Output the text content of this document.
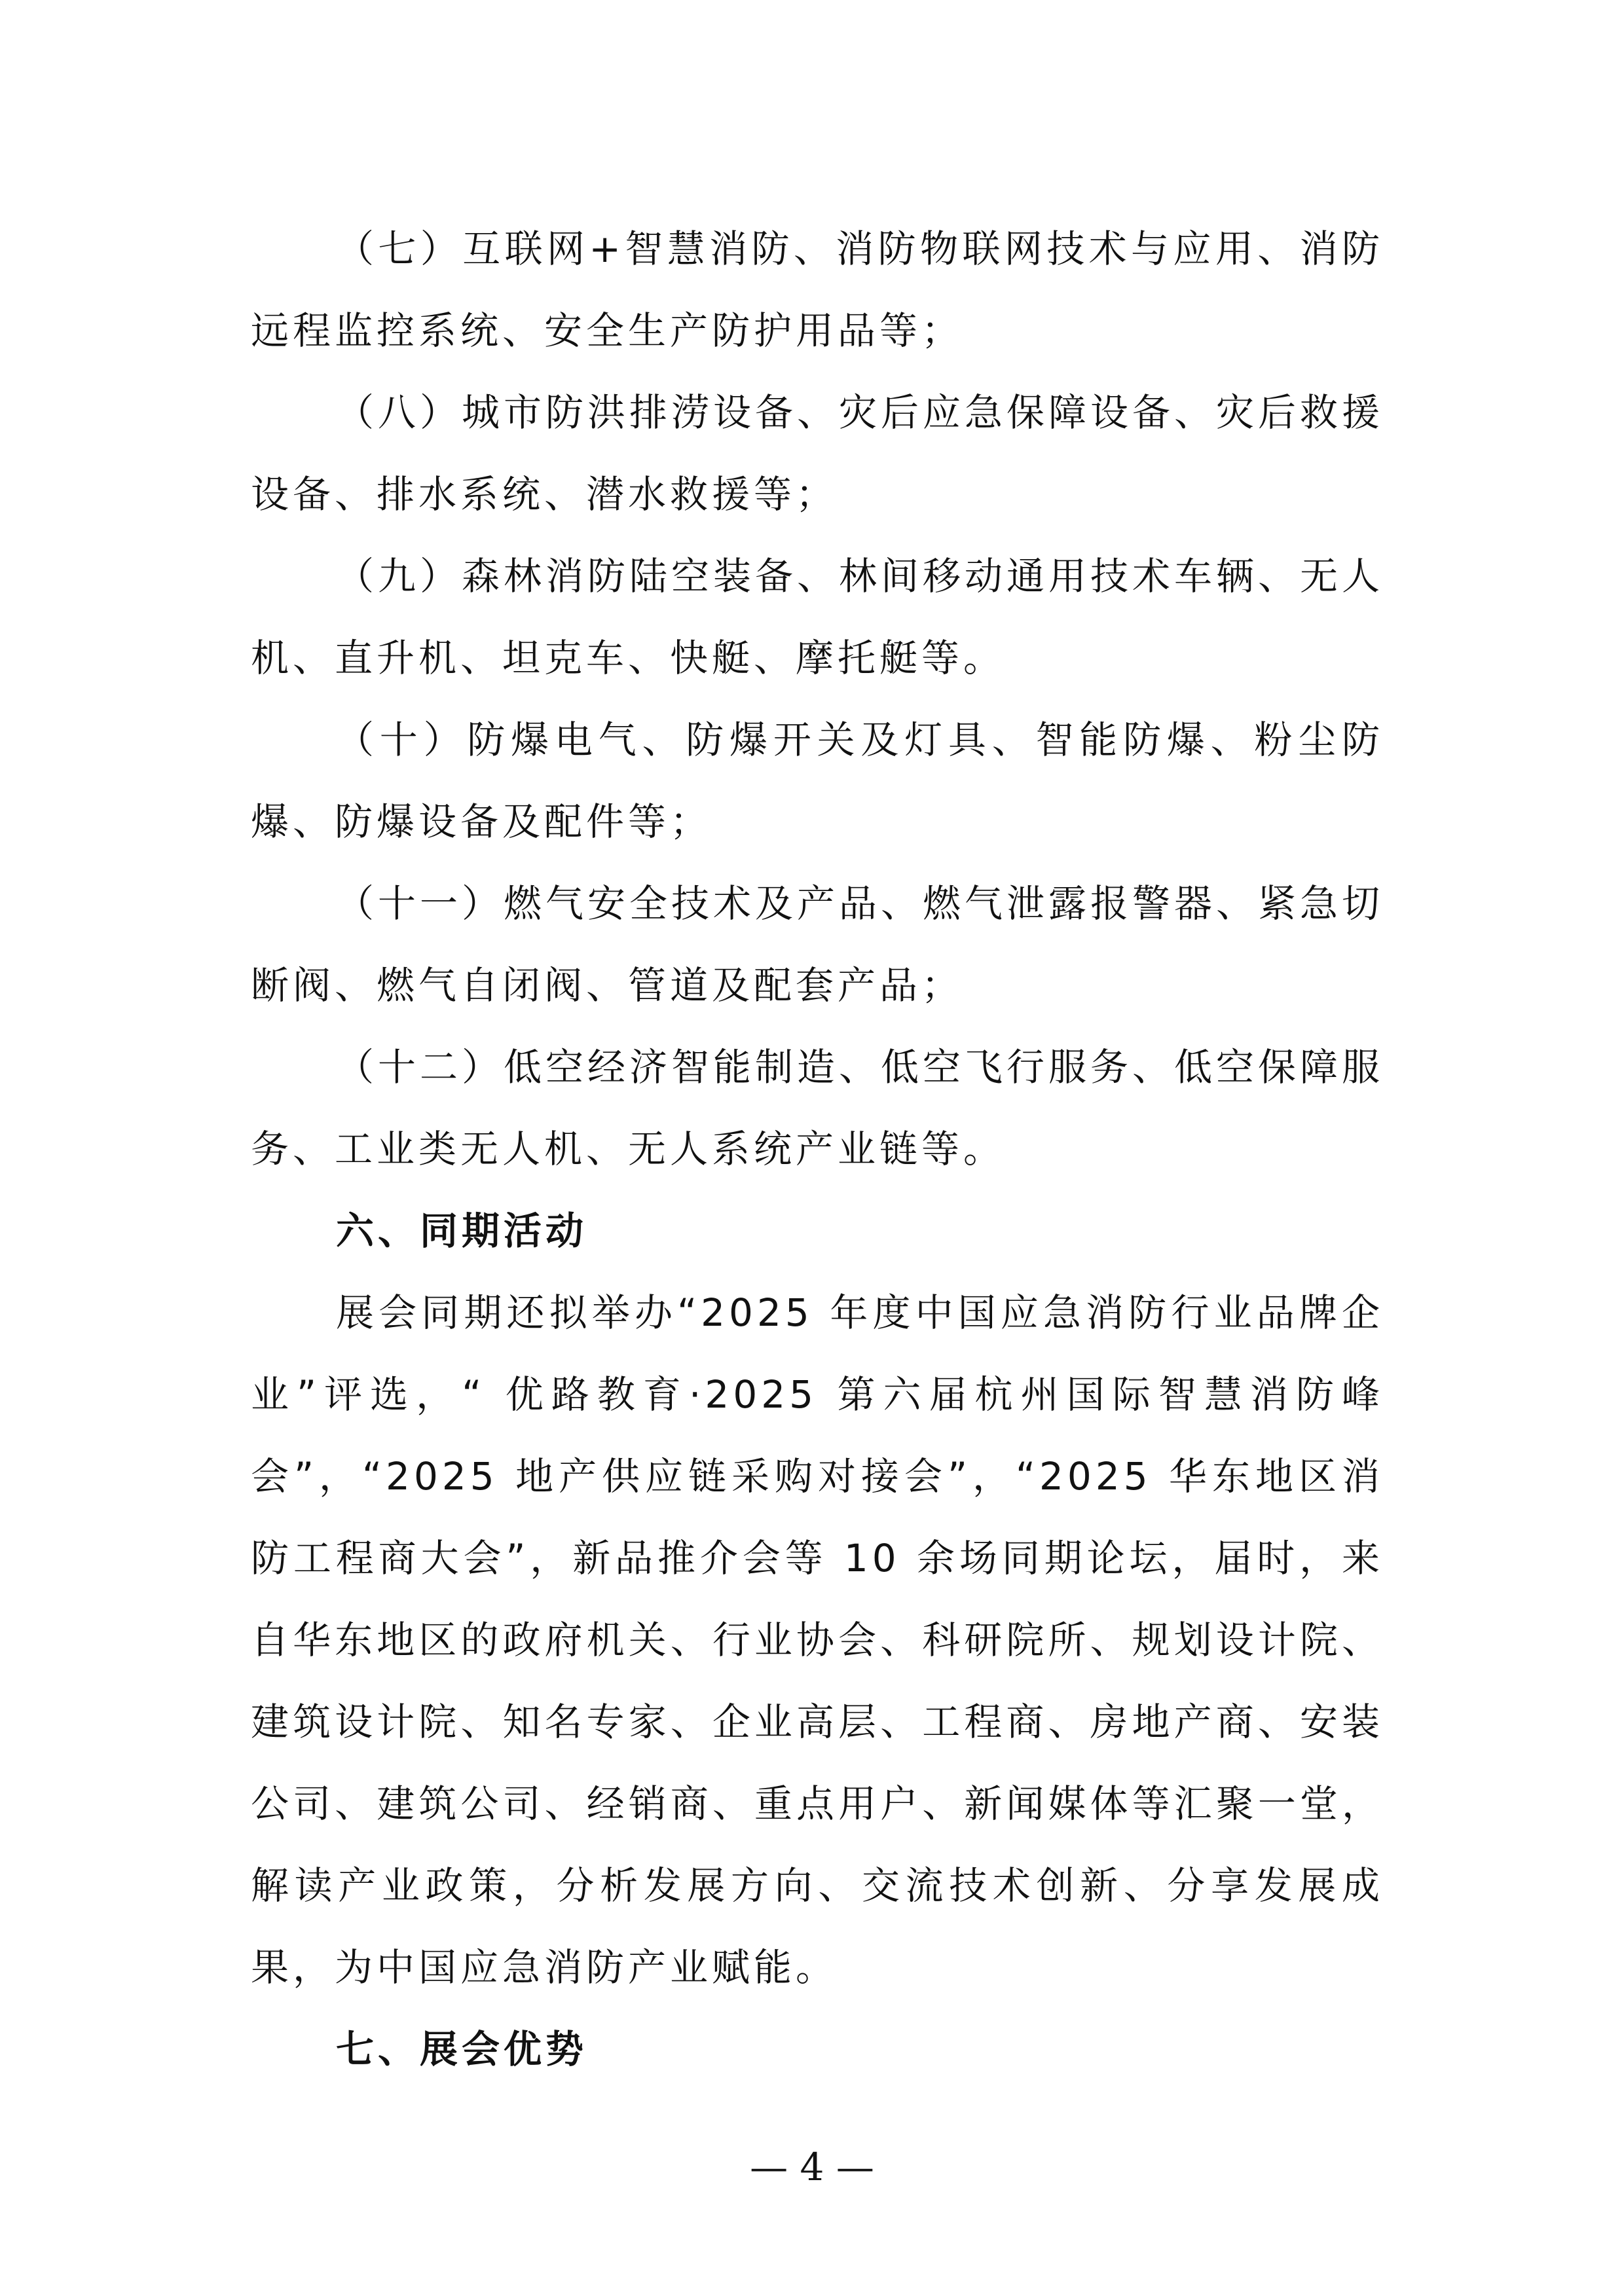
（七）互联网+智慧消防、消防物联网技术与应用、消防远程监控系统、安全生产防护用品等；

（八）城市防洪排涝设备、灾后应急保障设备、灾后救援设备、排水系统、潜水救援等；

（九）森林消防陆空装备、林间移动通用技术车辆、无人机、直升机、坦克车、快艇、摩托艇等。

（十）防爆电气、防爆开关及灯具、智能防爆、粉尘防爆、防爆设备及配件等；

（十一）燃气安全技术及产品、燃气泄露报警器、紧急切断阀、燃气自闭阀、管道及配套产品；

（十二）低空经济智能制造、低空飞行服务、低空保障服务、工业类无人机、无人系统产业链等。

六、同期活动

展会同期还拟举办“2025 年度中国应急消防行业品牌企业”评选，“ 优路教育·2025 第六届杭州国际智慧消防峰会”，“2025 地产供应链采购对接会”，“2025 华东地区消防工程商大会”，新品推介会等 10 余场同期论坛，届时，来自华东地区的政府机关、行业协会、科研院所、规划设计院、建筑设计院、知名专家、企业高层、工程商、房地产商、安装公司、建筑公司、经销商、重点用户、新闻媒体等汇聚一堂，解读产业政策，分析发展方向、交流技术创新、分享发展成果，为中国应急消防产业赋能。

七、展会优势

— 4 —
